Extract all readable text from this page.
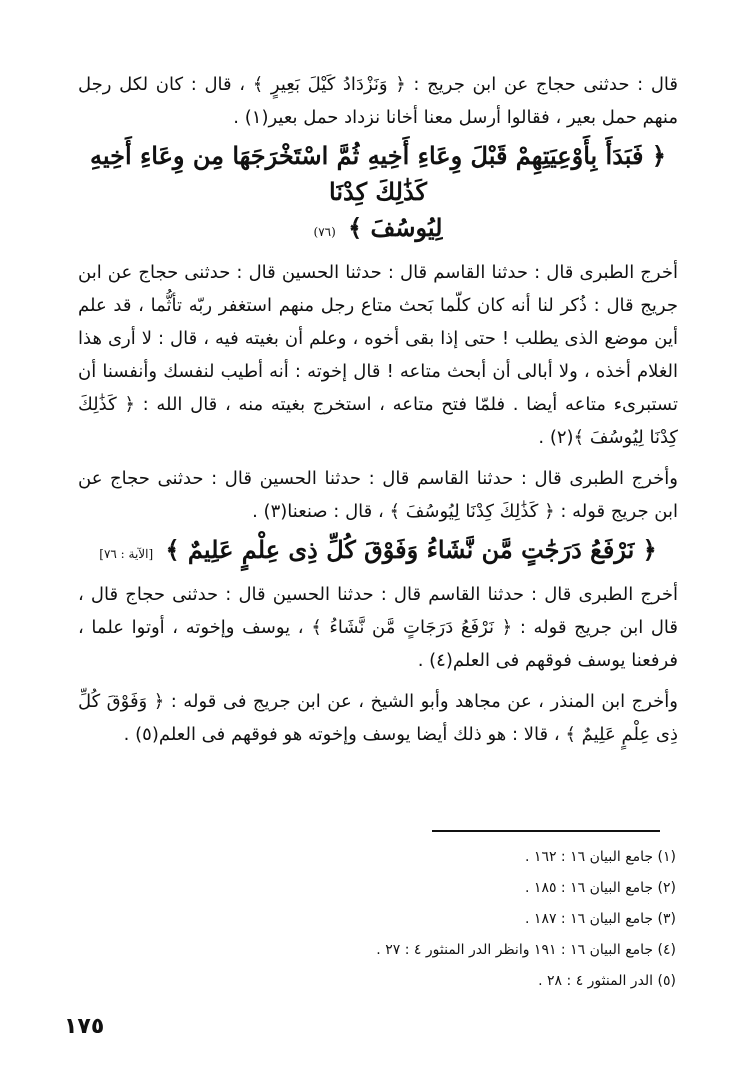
قال : حدثنى حجاج عن ابن جريج : ﴿ وَنَزْدَادُ كَيْلَ بَعِيرٍ ﴾ ، قال : كان لكل رجل منهم حمل بعير ، فقالوا أرسل معنا أخانا نزداد حمل بعير(١) .

﴿ فَبَدَأَ بِأَوْعِيَتِهِمْ قَبْلَ وِعَاءِ أَخِيهِ ثُمَّ اسْتَخْرَجَهَا مِن وِعَاءِ أَخِيهِ كَذَٰلِكَ كِدْنَا
لِيُوسُفَ ﴾ (٧٦)

أخرج الطبرى قال : حدثنا القاسم قال : حدثنا الحسين قال : حدثنى حجاج عن ابن جريج قال : ذُكر لنا أنه كان كلّما بَحث متاع رجل منهم استغفر ربّه تأثُّما ، قد علم أين موضع الذى يطلب ! حتى إذا بقى أخوه ، وعلم أن بغيته فيه ، قال : لا أرى هذا الغلام أخذه ، ولا أبالى أن أبحث متاعه ! قال إخوته : أنه أطيب لنفسك وأنفسنا أن تستبرىء متاعه أيضا . فلمّا فتح متاعه ، استخرج بغيته منه ، قال الله : ﴿ كَذَٰلِكَ كِدْنَا لِيُوسُفَ ﴾(٢) .

وأخرج الطبرى قال : حدثنا القاسم قال : حدثنا الحسين قال : حدثنى حجاج عن ابن جريج قوله : ﴿ كَذَٰلِكَ كِدْنَا لِيُوسُفَ ﴾ ، قال : صنعنا(٣) .

﴿ نَرْفَعُ دَرَجَٰتٍ مَّن نَّشَاءُ وَفَوْقَ كُلِّ ذِى عِلْمٍ عَلِيمٌ ﴾ [الآية : ٧٦]

أخرج الطبرى قال : حدثنا القاسم قال : حدثنا الحسين قال : حدثنى حجاج قال ، قال ابن جريج قوله : ﴿ نَرْفَعُ دَرَجَاتٍ مَّن نَّشَاءُ ﴾ ، يوسف وإخوته ، أوتوا علما ، فرفعنا يوسف فوقهم فى العلم(٤) .

وأخرج ابن المنذر ، عن مجاهد وأبو الشيخ ، عن ابن جريج فى قوله : ﴿ وَفَوْقَ كُلِّ ذِى عِلْمٍ عَلِيمٌ ﴾ ، قالا : هو ذلك أيضا يوسف وإخوته هو فوقهم فى العلم(٥) .

(١) جامع البيان ١٦ : ١٦٢ .
(٢) جامع البيان ١٦ : ١٨٥ .
(٣) جامع البيان ١٦ : ١٨٧ .
(٤) جامع البيان ١٦ : ١٩١ وانظر الدر المنثور ٤ : ٢٧ .
(٥) الدر المنثور ٤ : ٢٨ .
١٧٥
